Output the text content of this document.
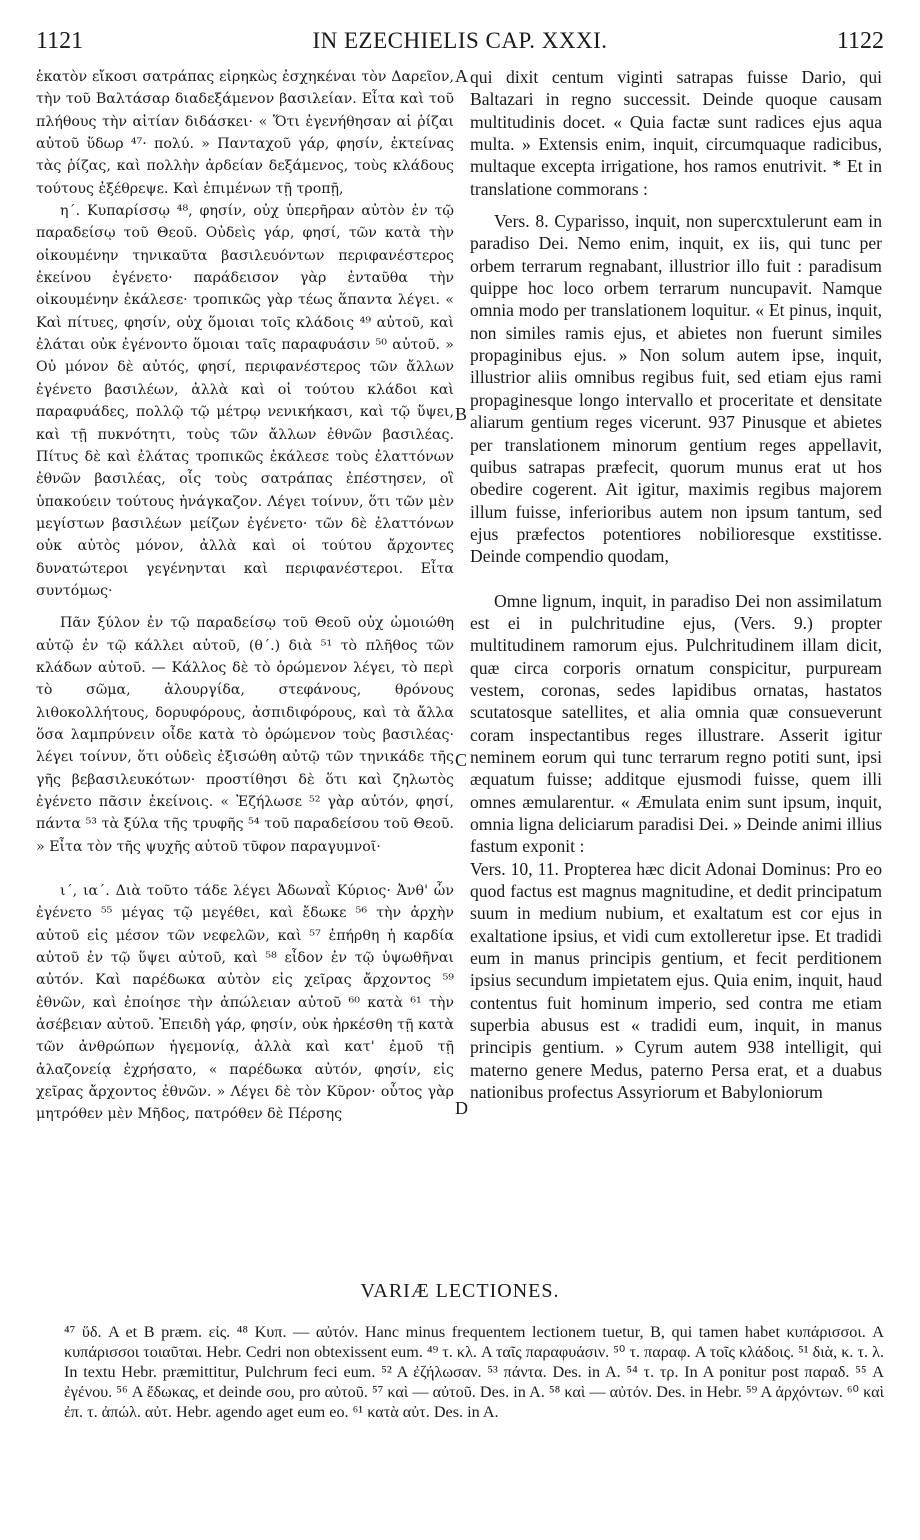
1121	IN EZECHIELIS CAP. XXXI.	1122

ἑκατὸν εἴκοσι σατράπας εἰρηκὼς ἐσχηκέναι τὸν Δαρεῖον, τὴν τοῦ Βαλτάσαρ διαδεξάμενον βασιλείαν. Εἶτα καὶ τοῦ πλήθους τὴν αἰτίαν διδάσκει· « Ὅτι ἐγενήθησαν αἱ ῥίζαι αὐτοῦ ὕδωρ ⁴⁷· πολύ. » Πανταχοῦ γάρ, φησίν, ἐκτείνας τὰς ῥίζας, καὶ πολλὴν ἀρδείαν δεξάμενος, τοὺς κλάδους τούτους ἐξέθρεψε. Καὶ ἐπιμένων τῇ τροπῇ,

η΄. Κυπαρίσσῳ ⁴⁸, φησίν, οὐχ ὑπερῆραν αὐτὸν ἐν τῷ παραδείσῳ τοῦ Θεοῦ. Οὐδεὶς γάρ, φησί, τῶν κατὰ τὴν οἰκουμένην τηνικαῦτα βασιλευόντων περιφανέστερος ἐκείνου ἐγένετο· παράδεισον γὰρ ἐνταῦθα τὴν οἰκουμένην ἐκάλεσε· τροπικῶς γὰρ τέως ἅπαντα λέγει. « Καὶ πίτυες, φησίν, οὐχ ὅμοιαι τοῖς κλάδοις ⁴⁹ αὐτοῦ, καὶ ἐλάται οὐκ ἐγένοντο ὅμοιαι ταῖς παραφυάσιν ⁵⁰ αὐτοῦ. » Οὐ μόνον δὲ αὐτός, φησί, περιφανέστερος τῶν ἄλλων ἐγένετο βασιλέων, ἀλλὰ καὶ οἱ τούτου κλάδοι καὶ παραφυάδες, πολλῷ τῷ μέτρῳ νενικήκασι, καὶ τῷ ὕψει, καὶ τῇ πυκνότητι, τοὺς τῶν ἄλλων ἐθνῶν βασιλέας. Πίτυς δὲ καὶ ἐλάτας τροπικῶς ἐκάλεσε τοὺς ἐλαττόνων ἐθνῶν βασιλέας, οἷς τοὺς σατράπας ἐπέστησεν, οἳ ὑπακούειν τούτους ἠνάγκαζον. Λέγει τοίνυν, ὅτι τῶν μὲν μεγίστων βασιλέων μείζων ἐγένετο· τῶν δὲ ἐλαττόνων οὐκ αὐτὸς μόνον, ἀλλὰ καὶ οἱ τούτου ἄρχοντες δυνατώτεροι γεγένηνται καὶ περιφανέστεροι. Εἶτα συντόμως·

Πᾶν ξύλον ἐν τῷ παραδείσῳ τοῦ Θεοῦ οὐχ ὡμοιώθη αὐτῷ ἐν τῷ κάλλει αὐτοῦ, (θ΄.) διὰ ⁵¹ τὸ πλῆθος τῶν κλάδων αὐτοῦ. — Κάλλος δὲ τὸ ὁρώμενον λέγει, τὸ περὶ τὸ σῶμα, ἁλουργίδα, στεφάνους, θρόνους λιθοκολλήτους, δορυφόρους, ἀσπιδιφόρους, καὶ τὰ ἄλλα ὅσα λαμπρύνειν οἶδε κατὰ τὸ ὁρώμενον τοὺς βασιλέας· λέγει τοίνυν, ὅτι οὐδεὶς ἐξισώθη αὐτῷ τῶν τηνικάδε τῆς γῆς βεβασιλευκότων· προστίθησι δὲ ὅτι καὶ ζηλωτὸς ἐγένετο πᾶσιν ἐκείνοις. « Ἐζήλωσε ⁵² γὰρ αὐτόν, φησί, πάντα ⁵³ τὰ ξύλα τῆς τρυφῆς ⁵⁴ τοῦ παραδείσου τοῦ Θεοῦ. » Εἶτα τὸν τῆς ψυχῆς αὐτοῦ τῦφον παραγυμνοῖ·

ι΄, ια΄. Διὰ τοῦτο τάδε λέγει Ἀδωναῒ Κύριος· Ἀνθ' ὧν ἐγένετο ⁵⁵ μέγας τῷ μεγέθει, καὶ ἔδωκε ⁵⁶ τὴν ἀρχὴν αὐτοῦ εἰς μέσον τῶν νεφελῶν, καὶ ⁵⁷ ἐπήρθη ἡ καρδία αὐτοῦ ἐν τῷ ὕψει αὐτοῦ, καὶ ⁵⁸ εἶδον ἐν τῷ ὑψωθῆναι αὐτόν. Καὶ παρέδωκα αὐτὸν εἰς χεῖρας ἄρχοντος ⁵⁹ ἐθνῶν, καὶ ἐποίησε τὴν ἀπώλειαν αὐτοῦ ⁶⁰ κατὰ ⁶¹ τὴν ἀσέβειαν αὐτοῦ. Ἐπειδὴ γάρ, φησίν, οὐκ ἠρκέσθη τῇ κατὰ τῶν ἀνθρώπων ἡγεμονίᾳ, ἀλλὰ καὶ κατ' ἐμοῦ τῇ ἀλαζονείᾳ ἐχρήσατο, « παρέδωκα αὐτόν, φησίν, εἰς χεῖρας ἄρχοντος ἐθνῶν. » Λέγει δὲ τὸν Κῦρον· οὗτος γὰρ μητρόθεν μὲν Μῆδος, πατρόθεν δὲ Πέρσης

A
B
C
D

qui dixit centum viginti satrapas fuisse Dario, qui Baltazari in regno successit. Deinde quoque causam multitudinis docet. « Quia factæ sunt radices ejus aqua multa. » Extensis enim, inquit, circumquaque radicibus, multaque excepta irrigatione, hos ramos enutrivit. * Et in translatione commorans :

Vers. 8. Cyparisso, inquit, non supercxtulerunt eam in paradiso Dei. Nemo enim, inquit, ex iis, qui tunc per orbem terrarum regnabant, illustrior illo fuit : paradisum quippe hoc loco orbem terrarum nuncupavit. Namque omnia modo per translationem loquitur. « Et pinus, inquit, non similes ramis ejus, et abietes non fuerunt similes propaginibus ejus. » Non solum autem ipse, inquit, illustrior aliis omnibus regibus fuit, sed etiam ejus rami propaginesque longo intervallo et proceritate et densitate aliarum gentium reges vicerunt. 937 Pinusque et abietes per translationem minorum gentium reges appellavit, quibus satrapas præfecit, quorum munus erat ut hos obedire cogerent. Ait igitur, maximis regibus majorem illum fuisse, inferioribus autem non ipsum tantum, sed ejus præfectos potentiores nobilioresque exstitisse. Deinde compendio quodam,

Omne lignum, inquit, in paradiso Dei non assimilatum est ei in pulchritudine ejus, (Vers. 9.) propter multitudinem ramorum ejus. Pulchritudinem illam dicit, quæ circa corporis ornatum conspicitur, purpuream vestem, coronas, sedes lapidibus ornatas, hastatos scutatosque satellites, et alia omnia quæ consueverunt coram inspectantibus reges illustrare. Asserit igitur neminem eorum qui tunc terrarum regno potiti sunt, ipsi æquatum fuisse; additque ejusmodi fuisse, quem illi omnes æmularentur. « Æmulata enim sunt ipsum, inquit, omnia ligna deliciarum paradisi Dei. » Deinde animi illius fastum exponit :

Vers. 10, 11. Propterea hæc dicit Adonai Dominus: Pro eo quod factus est magnus magnitudine, et dedit principatum suum in medium nubium, et exaltatum est cor ejus in exaltatione ipsius, et vidi cum extolleretur ipse. Et tradidi eum in manus principis gentium, et fecit perditionem ipsius secundum impietatem ejus. Quia enim, inquit, haud contentus fuit hominum imperio, sed contra me etiam superbia abusus est « tradidi eum, inquit, in manus principis gentium. » Cyrum autem 938 intelligit, qui materno genere Medus, paterno Persa erat, et a duabus nationibus profectus Assyriorum et Babyloniorum

VARIÆ LECTIONES.

⁴⁷ ὕδ. A et B præm. εἰς. ⁴⁸ Κυπ. — αὐτόν. Hanc minus frequentem lectionem tuetur, B, qui tamen habet κυπάρισσοι. A κυπάρισσοι τοιαῦται. Hebr. Cedri non obtexissent eum. ⁴⁹ τ. κλ. A ταῖς παραφυάσιν. ⁵⁰ τ. παραφ. A τοῖς κλάδοις. ⁵¹ διὰ, κ. τ. λ. In textu Hebr. præmittitur, Pulchrum feci eum. ⁵² A ἐζήλωσαν. ⁵³ πάντα. Des. in A. ⁵⁴ τ. τρ. In A ponitur post παραδ. ⁵⁵ A ἐγένου. ⁵⁶ A ἔδωκας, et deinde σου, pro αὐτοῦ. ⁵⁷ καὶ — αὐτοῦ. Des. in A. ⁵⁸ καὶ — αὐτόν. Des. in Hebr. ⁵⁹ A ἀρχόντων. ⁶⁰ καὶ ἐπ. τ. ἀπώλ. αὐτ. Hebr. agendo aget eum eo. ⁶¹ κατὰ αὐτ. Des. in A.
